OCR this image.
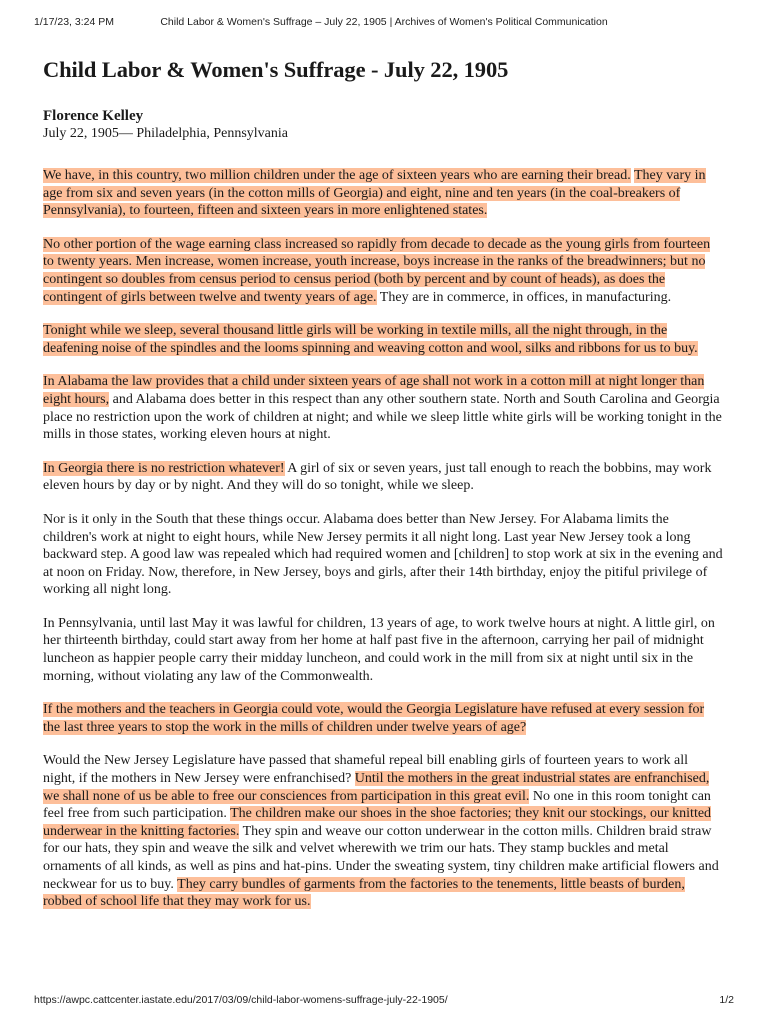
1/17/23, 3:24 PM	Child Labor & Women's Suffrage – July 22, 1905 | Archives of Women's Political Communication
Child Labor & Women's Suffrage - July 22, 1905
Florence Kelley
July 22, 1905— Philadelphia, Pennsylvania

We have, in this country, two million children under the age of sixteen years who are earning their bread. They vary in age from six and seven years (in the cotton mills of Georgia) and eight, nine and ten years (in the coal-breakers of Pennsylvania), to fourteen, fifteen and sixteen years in more enlightened states.

No other portion of the wage earning class increased so rapidly from decade to decade as the young girls from fourteen to twenty years. Men increase, women increase, youth increase, boys increase in the ranks of the breadwinners; but no contingent so doubles from census period to census period (both by percent and by count of heads), as does the contingent of girls between twelve and twenty years of age. They are in commerce, in offices, in manufacturing.

Tonight while we sleep, several thousand little girls will be working in textile mills, all the night through, in the deafening noise of the spindles and the looms spinning and weaving cotton and wool, silks and ribbons for us to buy.

In Alabama the law provides that a child under sixteen years of age shall not work in a cotton mill at night longer than eight hours, and Alabama does better in this respect than any other southern state. North and South Carolina and Georgia place no restriction upon the work of children at night; and while we sleep little white girls will be working tonight in the mills in those states, working eleven hours at night.

In Georgia there is no restriction whatever! A girl of six or seven years, just tall enough to reach the bobbins, may work eleven hours by day or by night. And they will do so tonight, while we sleep.

Nor is it only in the South that these things occur. Alabama does better than New Jersey. For Alabama limits the children's work at night to eight hours, while New Jersey permits it all night long. Last year New Jersey took a long backward step. A good law was repealed which had required women and [children] to stop work at six in the evening and at noon on Friday. Now, therefore, in New Jersey, boys and girls, after their 14th birthday, enjoy the pitiful privilege of working all night long.

In Pennsylvania, until last May it was lawful for children, 13 years of age, to work twelve hours at night. A little girl, on her thirteenth birthday, could start away from her home at half past five in the afternoon, carrying her pail of midnight luncheon as happier people carry their midday luncheon, and could work in the mill from six at night until six in the morning, without violating any law of the Commonwealth.

If the mothers and the teachers in Georgia could vote, would the Georgia Legislature have refused at every session for the last three years to stop the work in the mills of children under twelve years of age?

Would the New Jersey Legislature have passed that shameful repeal bill enabling girls of fourteen years to work all night, if the mothers in New Jersey were enfranchised? Until the mothers in the great industrial states are enfranchised, we shall none of us be able to free our consciences from participation in this great evil. No one in this room tonight can feel free from such participation. The children make our shoes in the shoe factories; they knit our stockings, our knitted underwear in the knitting factories. They spin and weave our cotton underwear in the cotton mills. Children braid straw for our hats, they spin and weave the silk and velvet wherewith we trim our hats. They stamp buckles and metal ornaments of all kinds, as well as pins and hat-pins. Under the sweating system, tiny children make artificial flowers and neckwear for us to buy. They carry bundles of garments from the factories to the tenements, little beasts of burden, robbed of school life that they may work for us.

https://awpc.cattcenter.iastate.edu/2017/03/09/child-labor-womens-suffrage-july-22-1905/	1/2
